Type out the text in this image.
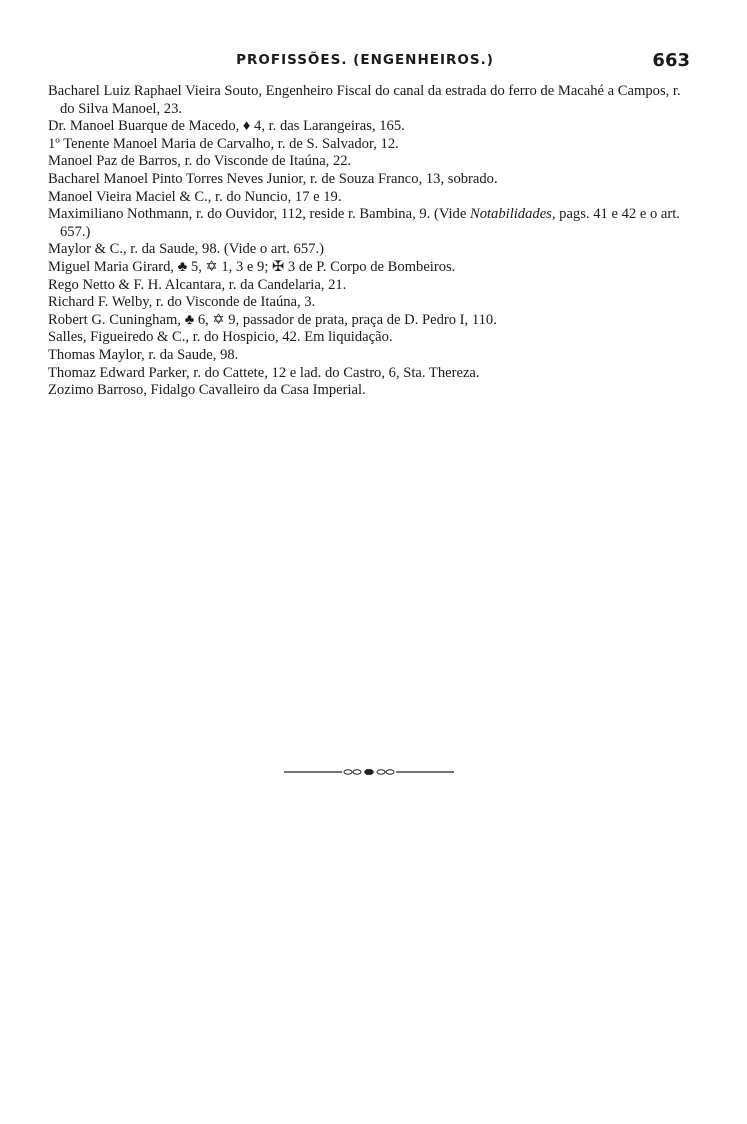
PROFISSÕES. (ENGENHEIROS.)	663
Bacharel Luiz Raphael Vieira Souto, Engenheiro Fiscal do canal da estrada do ferro de Macahé a Campos, r. do Silva Manoel, 23.
Dr. Manoel Buarque de Macedo, ♦ 4, r. das Larangeiras, 165.
1º Tenente Manoel Maria de Carvalho, r. de S. Salvador, 12.
Manoel Paz de Barros, r. do Visconde de Itaúna, 22.
Bacharel Manoel Pinto Torres Neves Junior, r. de Souza Franco, 13, sobrado.
Manoel Vieira Maciel & C., r. do Nuncio, 17 e 19.
Maximiliano Nothmann, r. do Ouvidor, 112, reside r. Bambina, 9. (Vide Notabilidades, pags. 41 e 42 e o art. 657.)
Maylor & C., r. da Saude, 98. (Vide o art. 657.)
Miguel Maria Girard, ♣ 5, ✡ 1, 3 e 9; ✠ 3 de P. Corpo de Bombeiros.
Rego Netto & F. H. Alcantara, r. da Candelaria, 21.
Richard F. Welby, r. do Visconde de Itaúna, 3.
Robert G. Cuningham, ♣ 6, ✡ 9, passador de prata, praça de D. Pedro I, 110.
Salles, Figueiredo & C., r. do Hospicio, 42. Em liquidação.
Thomas Maylor, r. da Saude, 98.
Thomaz Edward Parker, r. do Cattete, 12 e lad. do Castro, 6, Sta. Thereza.
Zozimo Barroso, Fidalgo Cavalleiro da Casa Imperial.
